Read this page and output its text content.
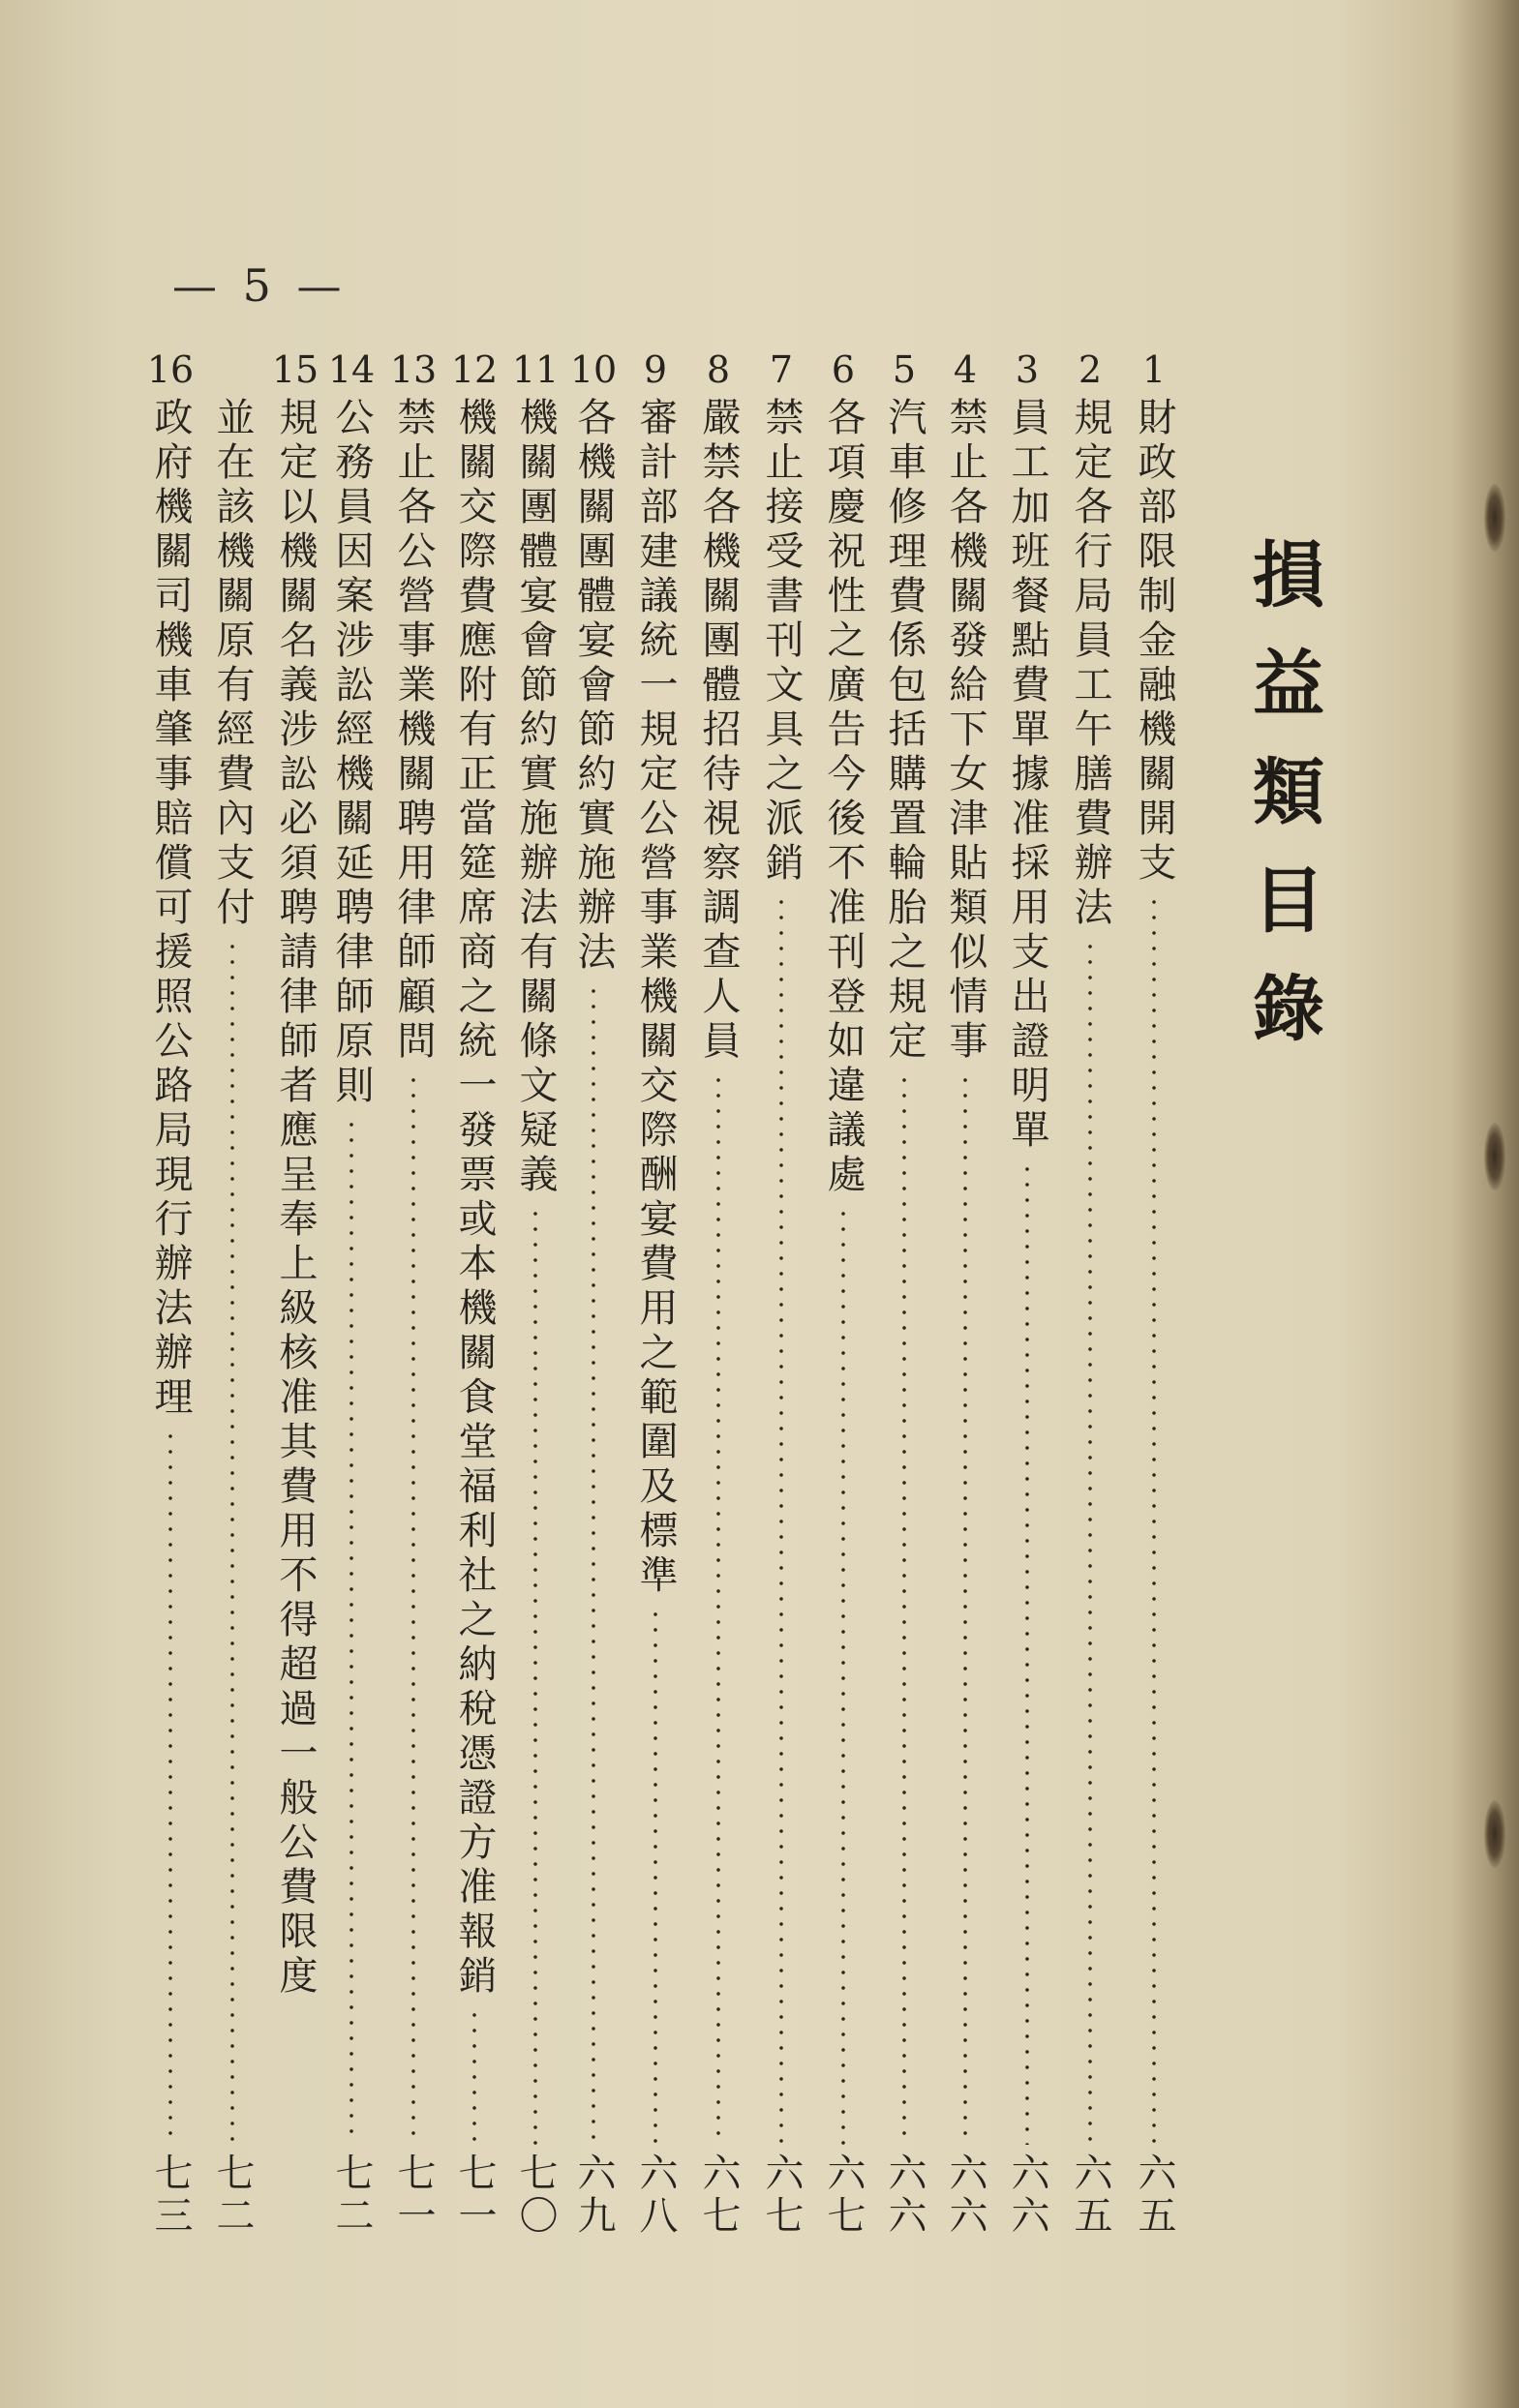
— 5 —
損益類目錄
1
財政部限制金融機關開支
六五
2
規定各行局員工午膳費辦法
六五
3
員工加班餐點費單據准採用支出證明單
六六
4
禁止各機關發給下女津貼類似情事
六六
5
汽車修理費係包括購置輪胎之規定
六六
6
各項慶祝性之廣告今後不准刊登如違議處
六七
7
禁止接受書刊文具之派銷
六七
8
嚴禁各機關團體招待視察調查人員
六七
9
審計部建議統一規定公營事業機關交際酬宴費用之範圍及標準
六八
10
各機關團體宴會節約實施辦法
六九
11
機關團體宴會節約實施辦法有關條文疑義
七〇
12
機關交際費應附有正當筵席商之統一發票或本機關食堂福利社之納稅憑證方准報銷
七一
13
禁止各公營事業機關聘用律師顧問
七一
14
公務員因案涉訟經機關延聘律師原則
七二
15
規定以機關名義涉訟必須聘請律師者應呈奉上級核准其費用不得超過一般公費限度
並在該機關原有經費內支付
七二
16
政府機關司機車肇事賠償可援照公路局現行辦法辦理
七三
